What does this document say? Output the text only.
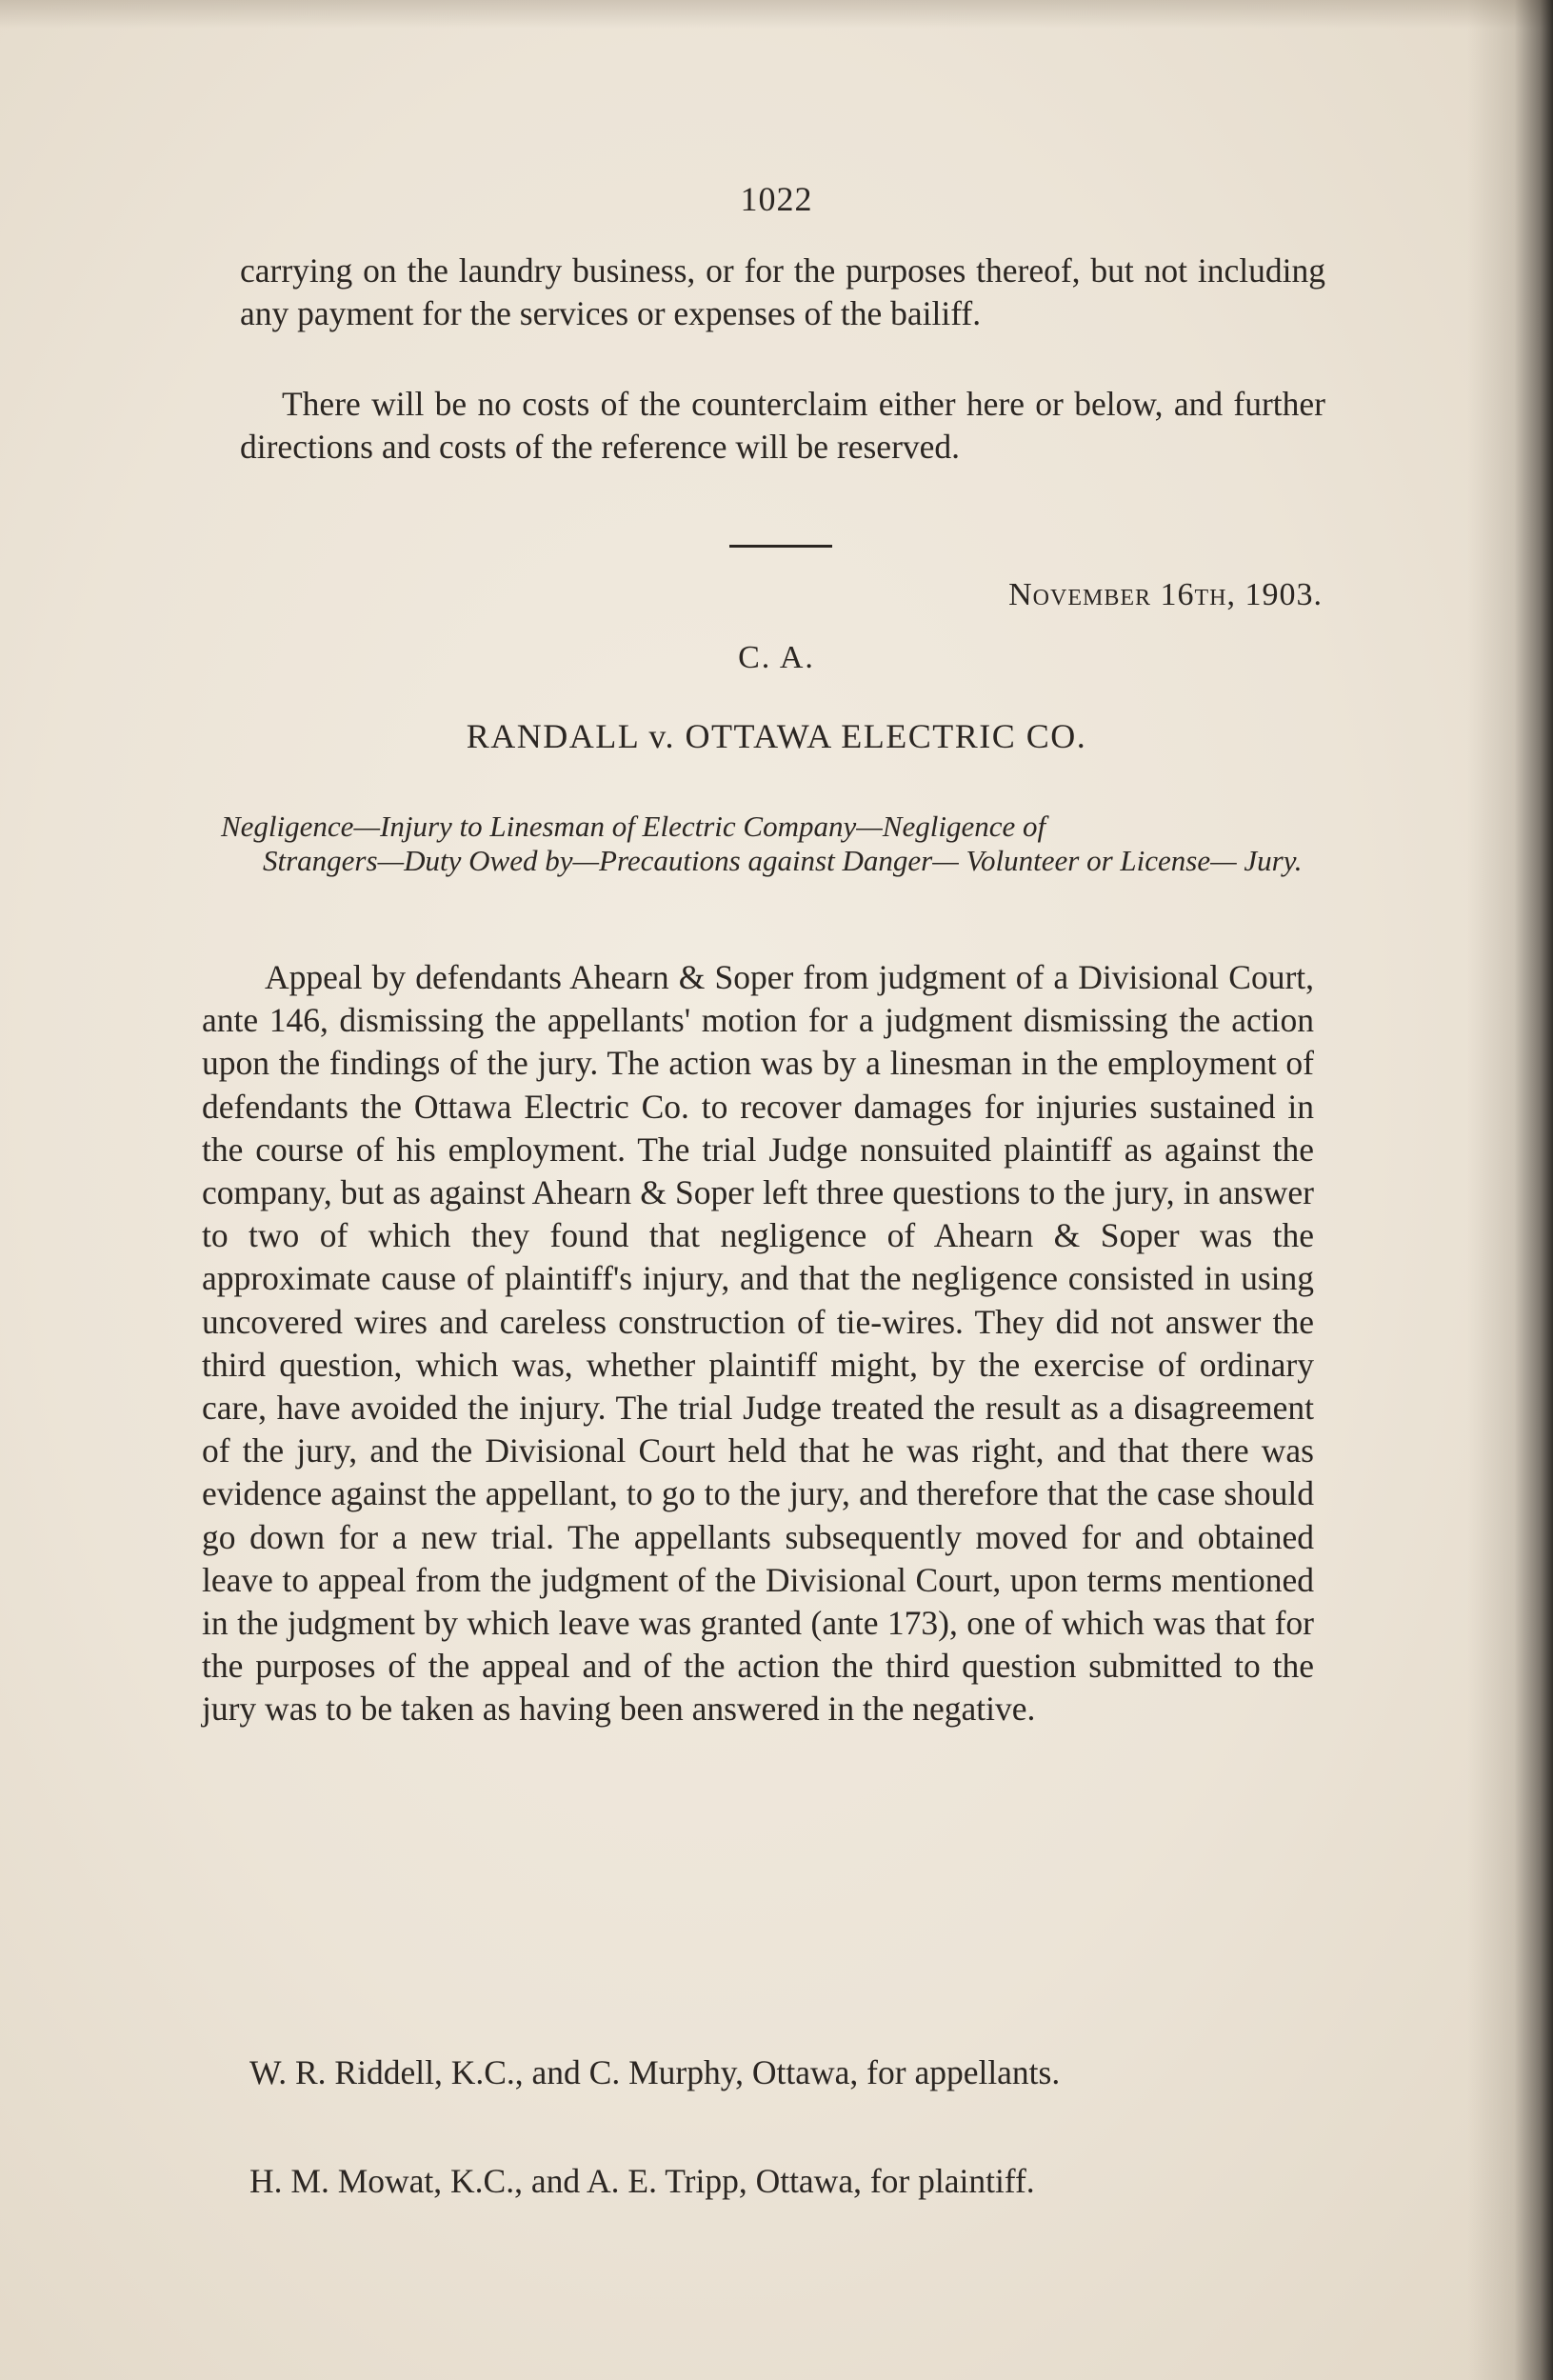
1022
carrying on the laundry business, or for the purposes thereof, but not including any payment for the services or expenses of the bailiff.
There will be no costs of the counterclaim either here or below, and further directions and costs of the reference will be reserved.
November 16th, 1903.
C. A.
RANDALL v. OTTAWA ELECTRIC CO.
Negligence—Injury to Linesman of Electric Company—Negligence of
Strangers—Duty Owed by—Precautions against Danger— Volunteer or License— Jury.
Appeal by defendants Ahearn & Soper from judgment of a Divisional Court, ante 146, dismissing the appellants' motion for a judgment dismissing the action upon the findings of the jury. The action was by a linesman in the employment of defendants the Ottawa Electric Co. to recover damages for injuries sustained in the course of his employment. The trial Judge nonsuited plaintiff as against the company, but as against Ahearn & Soper left three questions to the jury, in answer to two of which they found that negligence of Ahearn & Soper was the approximate cause of plaintiff's injury, and that the negligence consisted in using uncovered wires and careless construction of tie-wires. They did not answer the third question, which was, whether plaintiff might, by the exercise of ordinary care, have avoided the injury. The trial Judge treated the result as a disagreement of the jury, and the Divisional Court held that he was right, and that there was evidence against the appellant, to go to the jury, and therefore that the case should go down for a new trial. The appellants subsequently moved for and obtained leave to appeal from the judgment of the Divisional Court, upon terms mentioned in the judgment by which leave was granted (ante 173), one of which was that for the purposes of the appeal and of the action the third question submitted to the jury was to be taken as having been answered in the negative.
W. R. Riddell, K.C., and C. Murphy, Ottawa, for appellants.
H. M. Mowat, K.C., and A. E. Tripp, Ottawa, for plaintiff.
